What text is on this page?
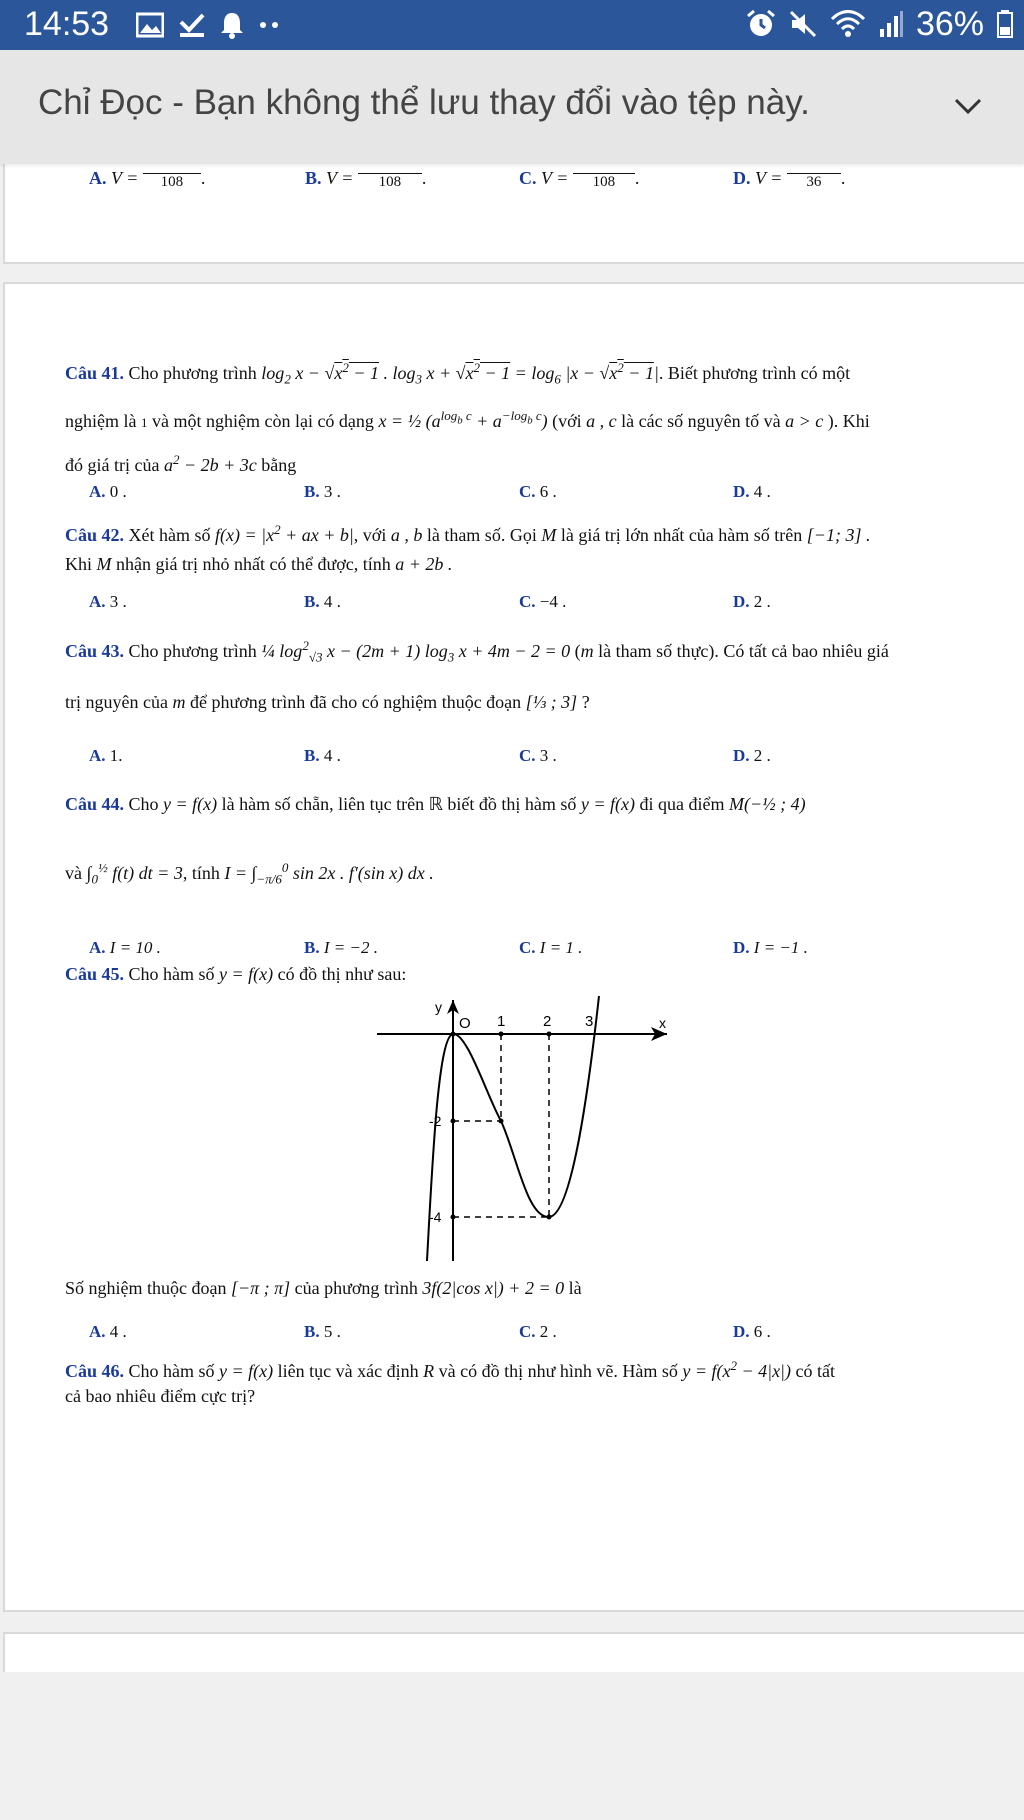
14:53	36%
Chỉ Đọc - Bạn không thể lưu thay đổi vào tệp này.
A. V =	108 .	B. V =	108	.	C. V =	108	.	D. V =	36	.
Câu 41. Cho phương trình $\log_2 x - √x^2 - 1$ . $\log_3 x + √x^2 - 1 = \log_6 |x - √x^2 - 1|$. Biết phương trình có một
nghiệm là 1 và một nghiệm còn lại có dạng x = ½ $(a^{log_b c} + a^{-log_b c})$ (với a , c là các số nguyên tố và a > c ). Khi
đó giá trị của $a^2 - 2b + 3c$ bằng
A. 0 .	B. 3 .	C. 6 .	D. 4 .
Câu 42. Xét hàm số $f(x) = |x^2$ + ax + b|, với a , b là tham số. Gọi M là giá trị lớn nhất của hàm số trên [−1; 3] .
Khi M nhận giá trị nhỏ nhất có thể được, tính a + 2b .
A. 3 .	B. 4 .	C. −4 .	D. 2 .
Câu 43. Cho phương trình ¼ $\log^2_{√3} x - (2m + 1)$ $\log_3 x + 4m - 2 = 0$ (m là tham số thực). Có tất cả bao nhiêu giá
trị nguyên của m để phương trình đã cho có nghiệm thuộc đoạn [⅓ ; 3] ?
A. 1.	B. 4 .	C. 3 .	D. 2 .
Câu 44. Cho y = f(x) là hàm số chẵn, liên tục trên ℝ biết đồ thị hàm số y = f(x) đi qua điểm M(−½ ; 4)
và $\int_0^{\frac{1}{2}}$ f(t) dt = 3, tính $I = \int_{-\pi/6}^0$ sin 2x . f′(sin x) dx .
A. I = 10 .	B. I = −2 .	C. I = 1 .	D. I = −1 .
Câu 45. Cho hàm số y = f(x) có đồ thị như sau:
y
x
O 1	2 3
-2
-4
Số nghiệm thuộc đoạn [−π ; π] của phương trình 3f(2|cos x|) + 2 = 0 là
A. 4 .	B. 5 .	C. 2 .	D. 6 .
Câu 46. Cho hàm số y = f(x) liên tục và xác định R và có đồ thị như hình vẽ. Hàm số $y = f(x^2 - 4|x|)$ có tất
cả bao nhiêu điểm cực trị?
